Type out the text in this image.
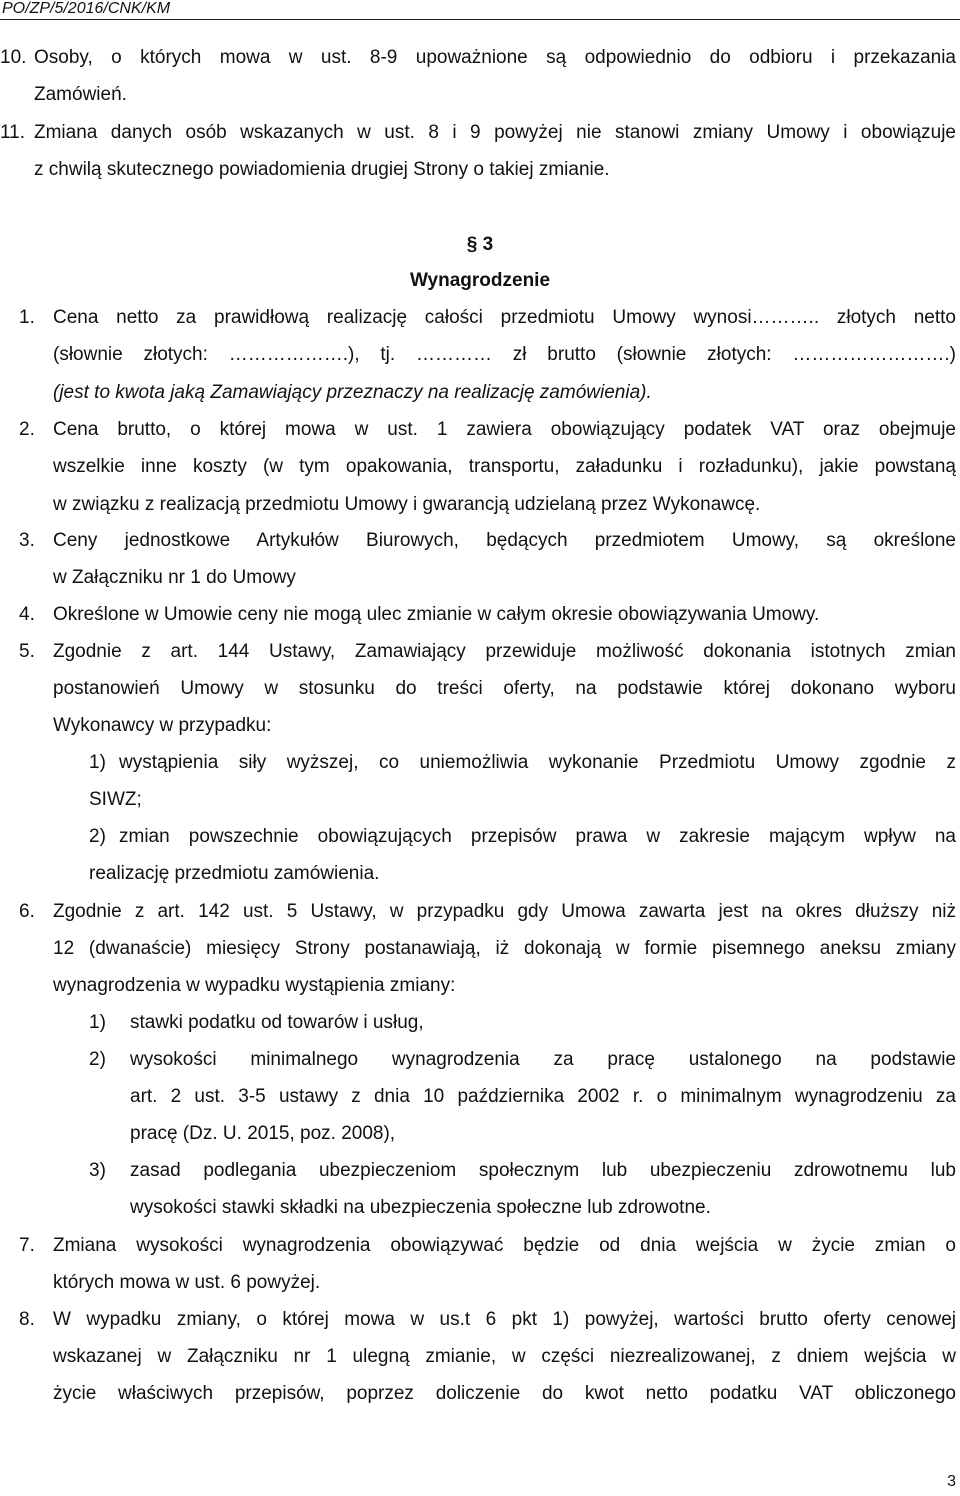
PO/ZP/5/2016/CNK/KM
10. Osoby, o których mowa w ust. 8-9 upoważnione są odpowiednio do odbioru i przekazania
Zamówień.
11. Zmiana danych osób wskazanych w ust. 8 i 9 powyżej nie stanowi zmiany Umowy i obowiązuje
z chwilą skutecznego powiadomienia drugiej Strony o takiej zmianie.
§ 3
Wynagrodzenie
1. Cena netto za prawidłową realizację całości przedmiotu Umowy wynosi……….. złotych netto
(słownie złotych: ……………….), tj. ………… zł brutto (słownie złotych: …………………….)
(jest to kwota jaką Zamawiający przeznaczy na realizację zamówienia).
2. Cena brutto, o której mowa w ust. 1 zawiera obowiązujący podatek VAT oraz obejmuje
wszelkie inne koszty (w tym opakowania, transportu, załadunku i rozładunku), jakie powstaną
w związku z realizacją przedmiotu Umowy i gwarancją udzielaną przez Wykonawcę.
3. Ceny jednostkowe Artykułów Biurowych, będących przedmiotem Umowy, są określone
w Załączniku nr 1 do Umowy
4. Określone w Umowie ceny nie mogą ulec zmianie w całym okresie obowiązywania Umowy.
5. Zgodnie z art. 144 Ustawy, Zamawiający przewiduje możliwość dokonania istotnych zmian
postanowień Umowy w stosunku do treści oferty, na podstawie której dokonano wyboru
Wykonawcy w przypadku:
1) wystąpienia siły wyższej, co uniemożliwia wykonanie Przedmiotu Umowy zgodnie z
SIWZ;
2) zmian powszechnie obowiązujących przepisów prawa w zakresie mającym wpływ na
realizację przedmiotu zamówienia.
6. Zgodnie z art. 142 ust. 5 Ustawy, w przypadku gdy Umowa zawarta jest na okres dłuższy niż
12 (dwanaście) miesięcy Strony postanawiają, iż dokonają w formie pisemnego aneksu zmiany
wynagrodzenia w wypadku wystąpienia zmiany:
1) stawki podatku od towarów i usług,
2) wysokości minimalnego wynagrodzenia za pracę ustalonego na podstawie
art. 2 ust. 3-5 ustawy z dnia 10 października 2002 r. o minimalnym wynagrodzeniu za
pracę (Dz. U. 2015, poz. 2008),
3) zasad podlegania ubezpieczeniom społecznym lub ubezpieczeniu zdrowotnemu lub
wysokości stawki składki na ubezpieczenia społeczne lub zdrowotne.
7. Zmiana wysokości wynagrodzenia obowiązywać będzie od dnia wejścia w życie zmian o
których mowa w ust. 6 powyżej.
8. W wypadku zmiany, o której mowa w us.t 6 pkt 1) powyżej, wartości brutto oferty cenowej
wskazanej w Załączniku nr 1 ulegną zmianie, w części niezrealizowanej, z dniem wejścia w
życie właściwych przepisów, poprzez doliczenie do kwot netto podatku VAT obliczonego
3
